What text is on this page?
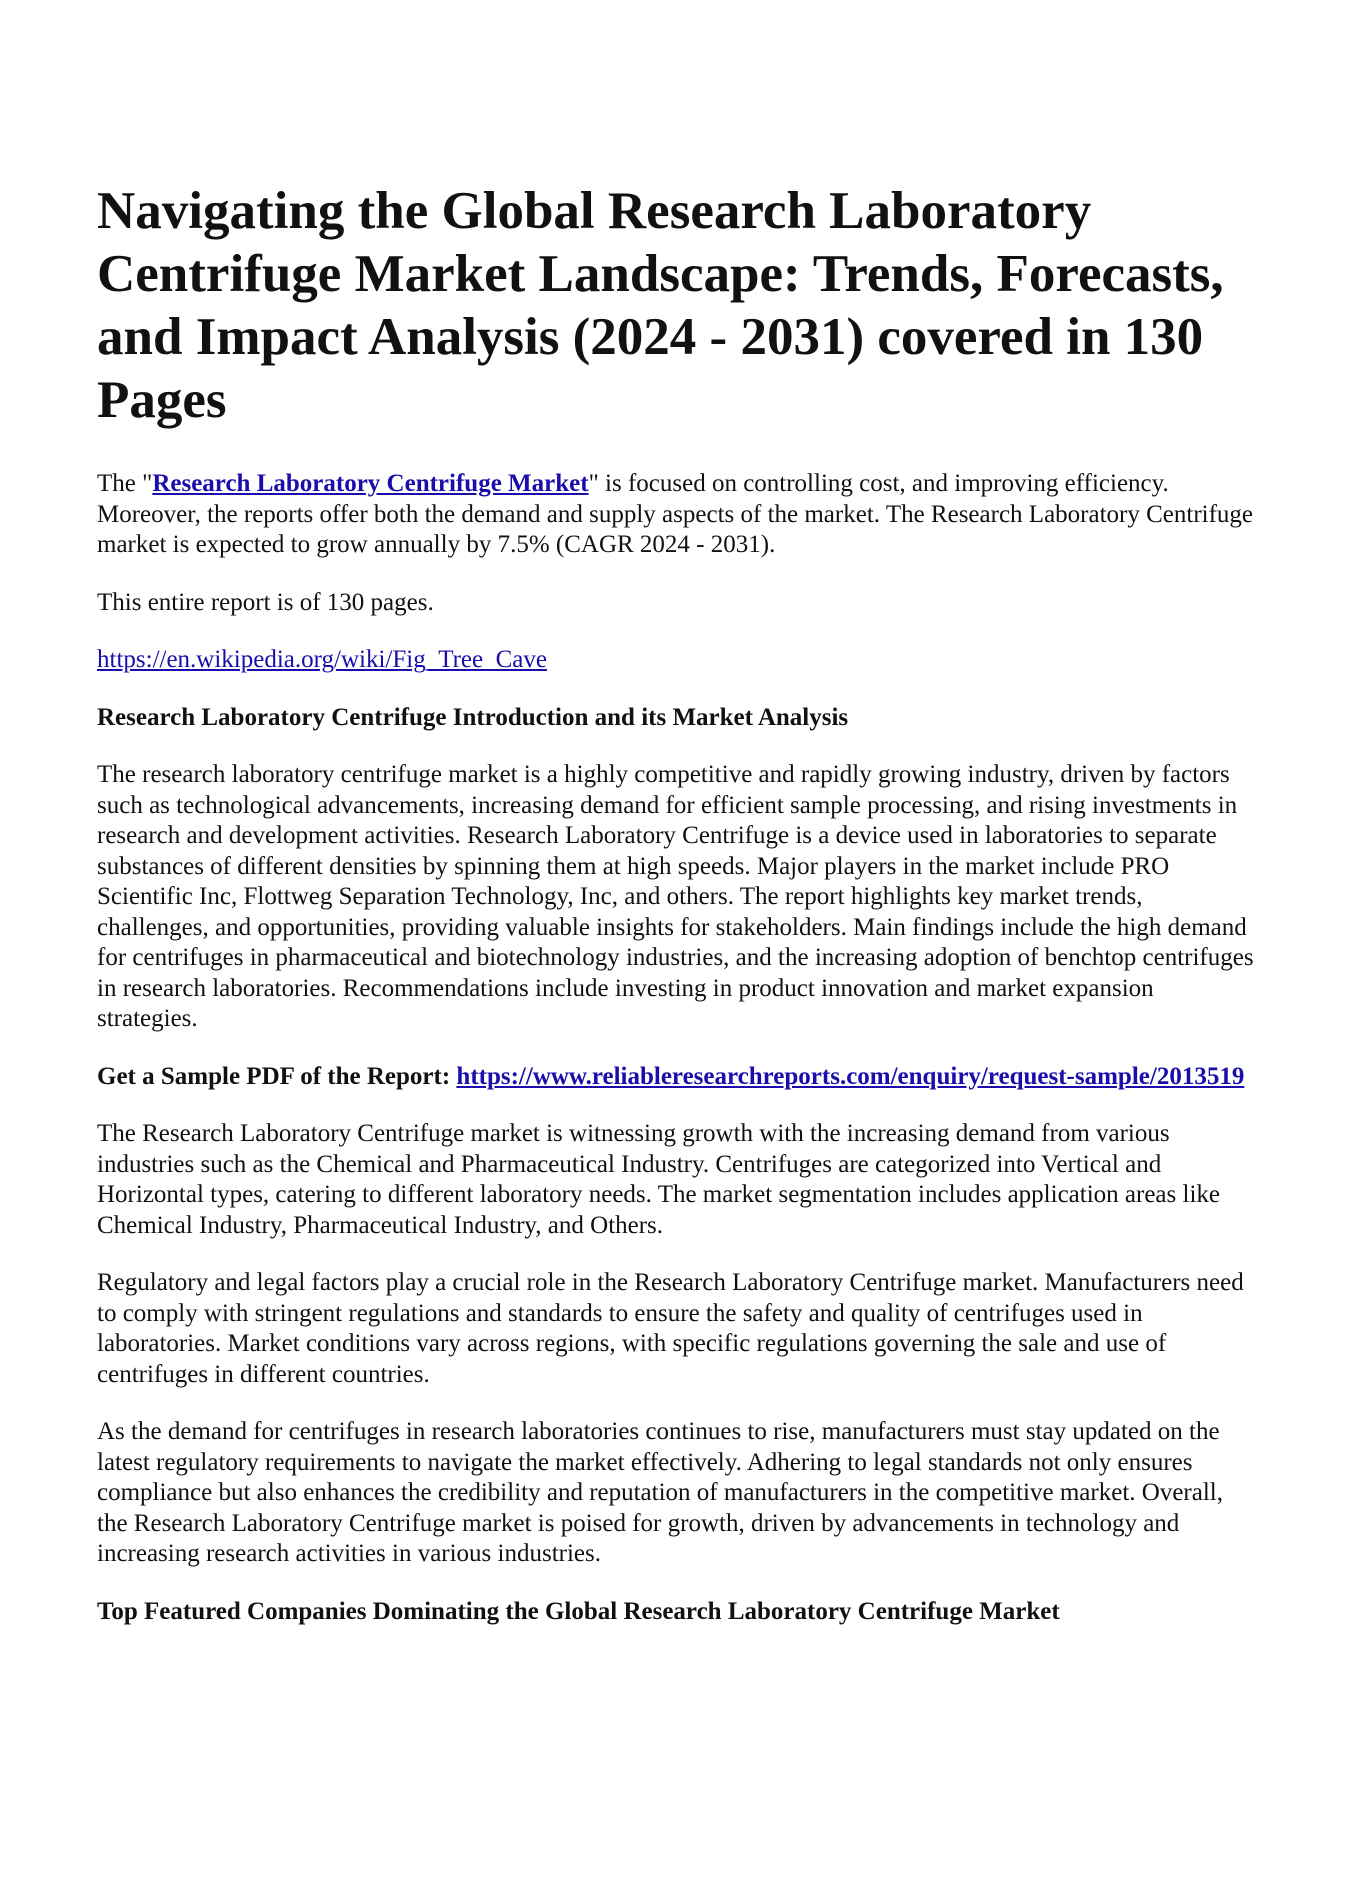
Navigating the Global Research Laboratory Centrifuge Market Landscape: Trends, Forecasts, and Impact Analysis (2024 - 2031) covered in 130 Pages

The "Research Laboratory Centrifuge Market" is focused on controlling cost, and improving efficiency. Moreover, the reports offer both the demand and supply aspects of the market. The Research Laboratory Centrifuge market is expected to grow annually by 7.5% (CAGR 2024 - 2031).

This entire report is of 130 pages.

https://en.wikipedia.org/wiki/Fig_Tree_Cave

Research Laboratory Centrifuge Introduction and its Market Analysis

The research laboratory centrifuge market is a highly competitive and rapidly growing industry, driven by factors such as technological advancements, increasing demand for efficient sample processing, and rising investments in research and development activities. Research Laboratory Centrifuge is a device used in laboratories to separate substances of different densities by spinning them at high speeds. Major players in the market include PRO Scientific Inc, Flottweg Separation Technology, Inc, and others. The report highlights key market trends, challenges, and opportunities, providing valuable insights for stakeholders. Main findings include the high demand for centrifuges in pharmaceutical and biotechnology industries, and the increasing adoption of benchtop centrifuges in research laboratories. Recommendations include investing in product innovation and market expansion strategies.

Get a Sample PDF of the Report: https://www.reliableresearchreports.com/enquiry/request-sample/2013519

The Research Laboratory Centrifuge market is witnessing growth with the increasing demand from various industries such as the Chemical and Pharmaceutical Industry. Centrifuges are categorized into Vertical and Horizontal types, catering to different laboratory needs. The market segmentation includes application areas like Chemical Industry, Pharmaceutical Industry, and Others.

Regulatory and legal factors play a crucial role in the Research Laboratory Centrifuge market. Manufacturers need to comply with stringent regulations and standards to ensure the safety and quality of centrifuges used in laboratories. Market conditions vary across regions, with specific regulations governing the sale and use of centrifuges in different countries.

As the demand for centrifuges in research laboratories continues to rise, manufacturers must stay updated on the latest regulatory requirements to navigate the market effectively. Adhering to legal standards not only ensures compliance but also enhances the credibility and reputation of manufacturers in the competitive market. Overall, the Research Laboratory Centrifuge market is poised for growth, driven by advancements in technology and increasing research activities in various industries.

Top Featured Companies Dominating the Global Research Laboratory Centrifuge Market
